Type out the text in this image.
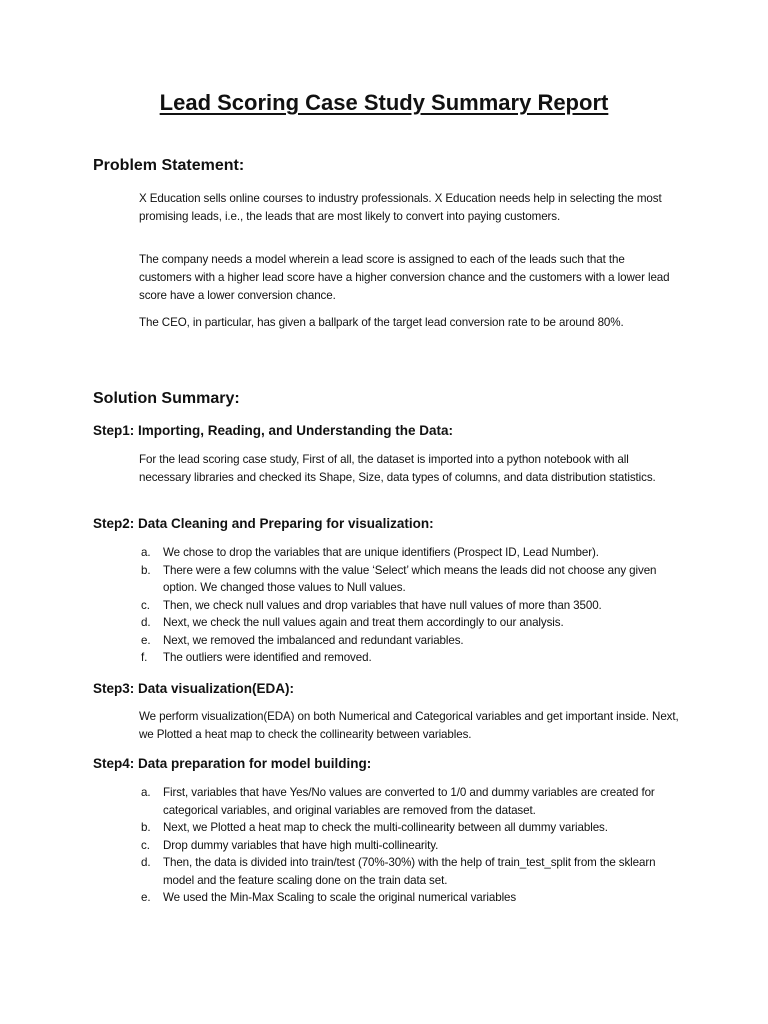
Lead Scoring Case Study Summary Report
Problem Statement:

X Education sells online courses to industry professionals. X Education needs help in selecting the most promising leads, i.e., the leads that are most likely to convert into paying customers.

The company needs a model wherein a lead score is assigned to each of the leads such that the customers with a higher lead score have a higher conversion chance and the customers with a lower lead score have a lower conversion chance.

The CEO, in particular, has given a ballpark of the target lead conversion rate to be around 80%.

Solution Summary:
Step1: Importing, Reading, and Understanding the Data:

For the lead scoring case study, First of all, the dataset is imported into a python notebook with all necessary libraries and checked its Shape, Size, data types of columns, and data distribution statistics.

Step2: Data Cleaning and Preparing for visualization:
a. We chose to drop the variables that are unique identifiers (Prospect ID, Lead Number).
b. There were a few columns with the value ‘Select’ which means the leads did not choose any given option. We changed those values to Null values.
c. Then, we check null values and drop variables that have null values of more than 3500.
d. Next, we check the null values again and treat them accordingly to our analysis.
e. Next, we removed the imbalanced and redundant variables.
f. The outliers were identified and removed.
Step3: Data visualization(EDA):

We perform visualization(EDA) on both Numerical and Categorical variables and get important inside. Next, we Plotted a heat map to check the collinearity between variables.

Step4: Data preparation for model building:
a. First, variables that have Yes/No values are converted to 1/0 and dummy variables are created for categorical variables, and original variables are removed from the dataset.
b. Next, we Plotted a heat map to check the multi-collinearity between all dummy variables.
c. Drop dummy variables that have high multi-collinearity.
d. Then, the data is divided into train/test (70%-30%) with the help of train_test_split from the sklearn model and the feature scaling done on the train data set.
e. We used the Min-Max Scaling to scale the original numerical variables
